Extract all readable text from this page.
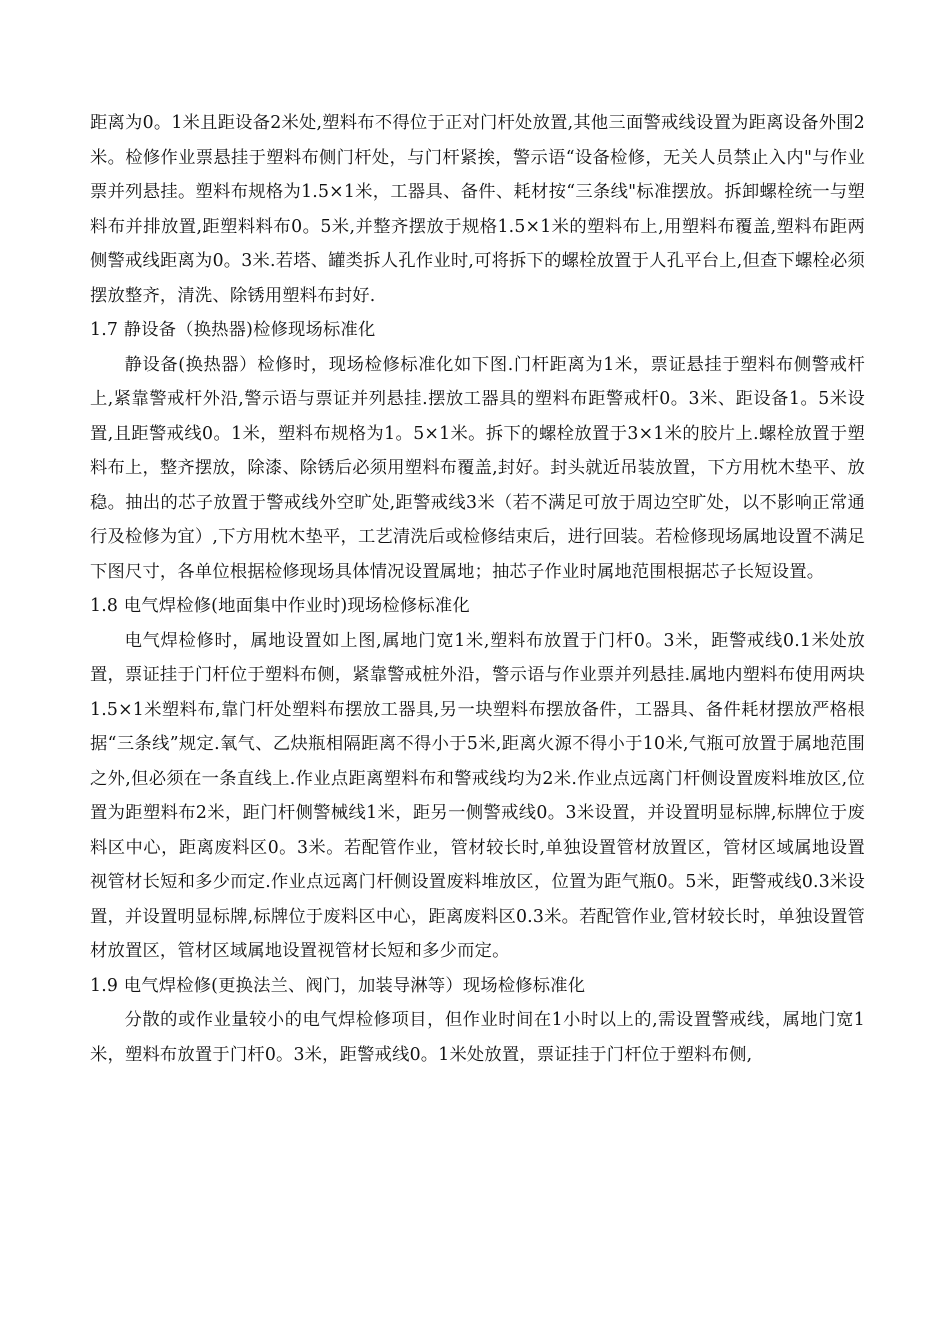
距离为0。1米且距设备2米处,塑料布不得位于正对门杆处放置,其他三面警戒线设置为距离设备外围2米。检修作业票悬挂于塑料布侧门杆处，与门杆紧挨，警示语“设备检修，无关人员禁止入内"与作业票并列悬挂。塑料布规格为1.5×1米，工器具、备件、耗材按“三条线"标准摆放。拆卸螺栓统一与塑料布并排放置,距塑料料布0。5米,并整齐摆放于规格1.5×1米的塑料布上,用塑料布覆盖,塑料布距两侧警戒线距离为0。3米.若塔、罐类拆人孔作业时,可将拆下的螺栓放置于人孔平台上,但查下螺栓必须摆放整齐，清洗、除锈用塑料布封好.

1.7 静设备（换热器)检修现场标准化

静设备(换热器）检修时，现场检修标准化如下图.门杆距离为1米，票证悬挂于塑料布侧警戒杆上,紧靠警戒杆外沿,警示语与票证并列悬挂.摆放工器具的塑料布距警戒杆0。3米、距设备1。5米设置,且距警戒线0。1米，塑料布规格为1。5×1米。拆下的螺栓放置于3×1米的胶片上.螺栓放置于塑料布上，整齐摆放，除漆、除锈后必须用塑料布覆盖,封好。封头就近吊装放置，下方用枕木垫平、放稳。抽出的芯子放置于警戒线外空旷处,距警戒线3米（若不满足可放于周边空旷处，以不影响正常通行及检修为宜）,下方用枕木垫平，工艺清洗后或检修结束后，进行回装。若检修现场属地设置不满足下图尺寸，各单位根据检修现场具体情况设置属地；抽芯子作业时属地范围根据芯子长短设置。

1.8 电气焊检修(地面集中作业时)现场检修标准化

电气焊检修时，属地设置如上图,属地门宽1米,塑料布放置于门杆0。3米，距警戒线0.1米处放置，票证挂于门杆位于塑料布侧，紧靠警戒桩外沿，警示语与作业票并列悬挂.属地内塑料布使用两块1.5×1米塑料布,靠门杆处塑料布摆放工器具,另一块塑料布摆放备件，工器具、备件耗材摆放严格根据“三条线”规定.氧气、乙炔瓶相隔距离不得小于5米,距离火源不得小于10米,气瓶可放置于属地范围之外,但必须在一条直线上.作业点距离塑料布和警戒线均为2米.作业点远离门杆侧设置废料堆放区,位置为距塑料布2米，距门杆侧警械线1米，距另一侧警戒线0。3米设置，并设置明显标牌,标牌位于废料区中心，距离废料区0。3米。若配管作业，管材较长时,单独设置管材放置区，管材区域属地设置视管材长短和多少而定.作业点远离门杆侧设置废料堆放区，位置为距气瓶0。5米，距警戒线0.3米设置，并设置明显标牌,标牌位于废料区中心，距离废料区0.3米。若配管作业,管材较长时，单独设置管材放置区，管材区域属地设置视管材长短和多少而定。

1.9 电气焊检修(更换法兰、阀门，加装导淋等）现场检修标准化

分散的或作业量较小的电气焊检修项目，但作业时间在1小时以上的,需设置警戒线，属地门宽1米，塑料布放置于门杆0。3米，距警戒线0。1米处放置，票证挂于门杆位于塑料布侧,
